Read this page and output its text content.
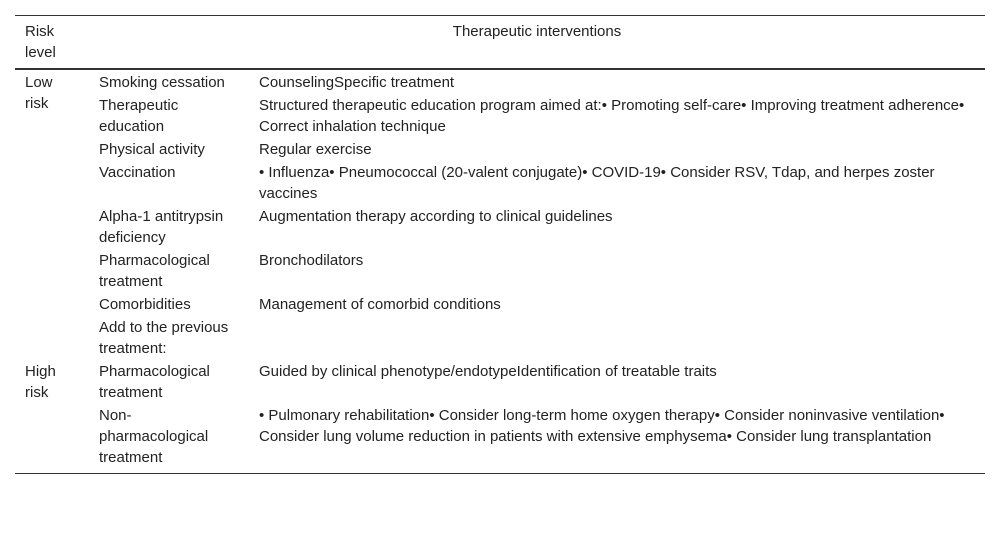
Risk level	Therapeutic interventions	
Low risk	Smoking cessation	CounselingSpecific treatment
	Therapeutic education	Structured therapeutic education program aimed at:• Promoting self-care• Improving treatment adherence• Correct inhalation technique
	Physical activity	Regular exercise
	Vaccination	• Influenza• Pneumococcal (20-valent conjugate)• COVID-19• Consider RSV, Tdap, and herpes zoster vaccines
	Alpha-1 antitrypsin deficiency	Augmentation therapy according to clinical guidelines
	Pharmacological treatment	Bronchodilators
	Comorbidities	Management of comorbid conditions
	Add to the previous treatment:	
High risk	Pharmacological treatment	Guided by clinical phenotype/endotypeIdentification of treatable traits
	Non-pharmacological treatment	• Pulmonary rehabilitation• Consider long-term home oxygen therapy• Consider noninvasive ventilation• Consider lung volume reduction in patients with extensive emphysema• Consider lung transplantation
